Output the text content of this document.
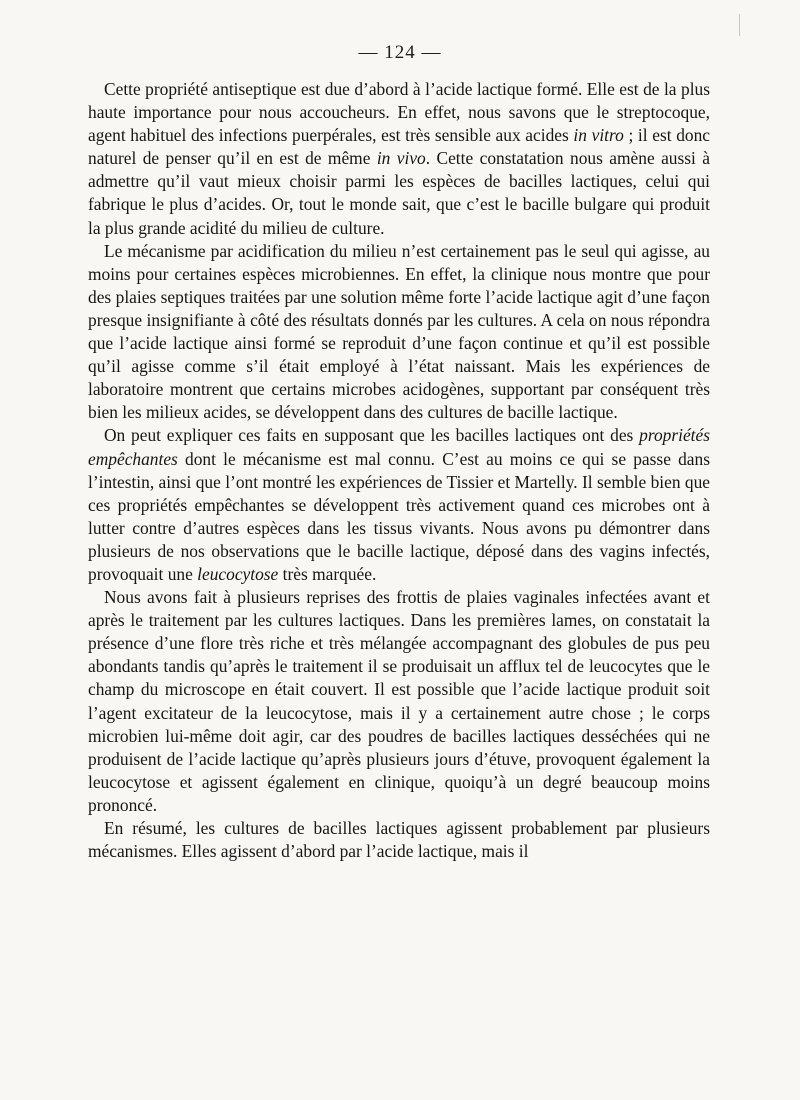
— 124 —

Cette propriété antiseptique est due d’abord à l’acide lactique formé. Elle est de la plus haute importance pour nous accoucheurs. En effet, nous savons que le streptocoque, agent habituel des infections puerpérales, est très sensible aux acides in vitro ; il est donc naturel de penser qu’il en est de même in vivo. Cette constatation nous amène aussi à admettre qu’il vaut mieux choisir parmi les espèces de bacilles lactiques, celui qui fabrique le plus d’acides. Or, tout le monde sait, que c’est le bacille bulgare qui produit la plus grande acidité du milieu de culture.

Le mécanisme par acidification du milieu n’est certainement pas le seul qui agisse, au moins pour certaines espèces microbiennes. En effet, la clinique nous montre que pour des plaies septiques traitées par une solution même forte l’acide lactique agit d’une façon presque insignifiante à côté des résultats donnés par les cultures. A cela on nous répondra que l’acide lactique ainsi formé se reproduit d’une façon continue et qu’il est possible qu’il agisse comme s’il était employé à l’état naissant. Mais les expériences de laboratoire montrent que certains microbes acidogènes, supportant par conséquent très bien les milieux acides, se développent dans des cultures de bacille lactique.

On peut expliquer ces faits en supposant que les bacilles lactiques ont des propriétés empêchantes dont le mécanisme est mal connu. C’est au moins ce qui se passe dans l’intestin, ainsi que l’ont montré les expériences de Tissier et Martelly. Il semble bien que ces propriétés empêchantes se développent très activement quand ces microbes ont à lutter contre d’autres espèces dans les tissus vivants. Nous avons pu démontrer dans plusieurs de nos observations que le bacille lactique, déposé dans des vagins infectés, provoquait une leucocytose très marquée.

Nous avons fait à plusieurs reprises des frottis de plaies vaginales infectées avant et après le traitement par les cultures lactiques. Dans les premières lames, on constatait la présence d’une flore très riche et très mélangée accompagnant des globules de pus peu abondants tandis qu’après le traitement il se produisait un afflux tel de leucocytes que le champ du microscope en était couvert. Il est possible que l’acide lactique produit soit l’agent excitateur de la leucocytose, mais il y a certainement autre chose ; le corps microbien lui-même doit agir, car des poudres de bacilles lactiques desséchées qui ne produisent de l’acide lactique qu’après plusieurs jours d’étuve, provoquent également la leucocytose et agissent également en clinique, quoiqu’à un degré beaucoup moins prononcé.

En résumé, les cultures de bacilles lactiques agissent probablement par plusieurs mécanismes. Elles agissent d’abord par l’acide lactique, mais il
